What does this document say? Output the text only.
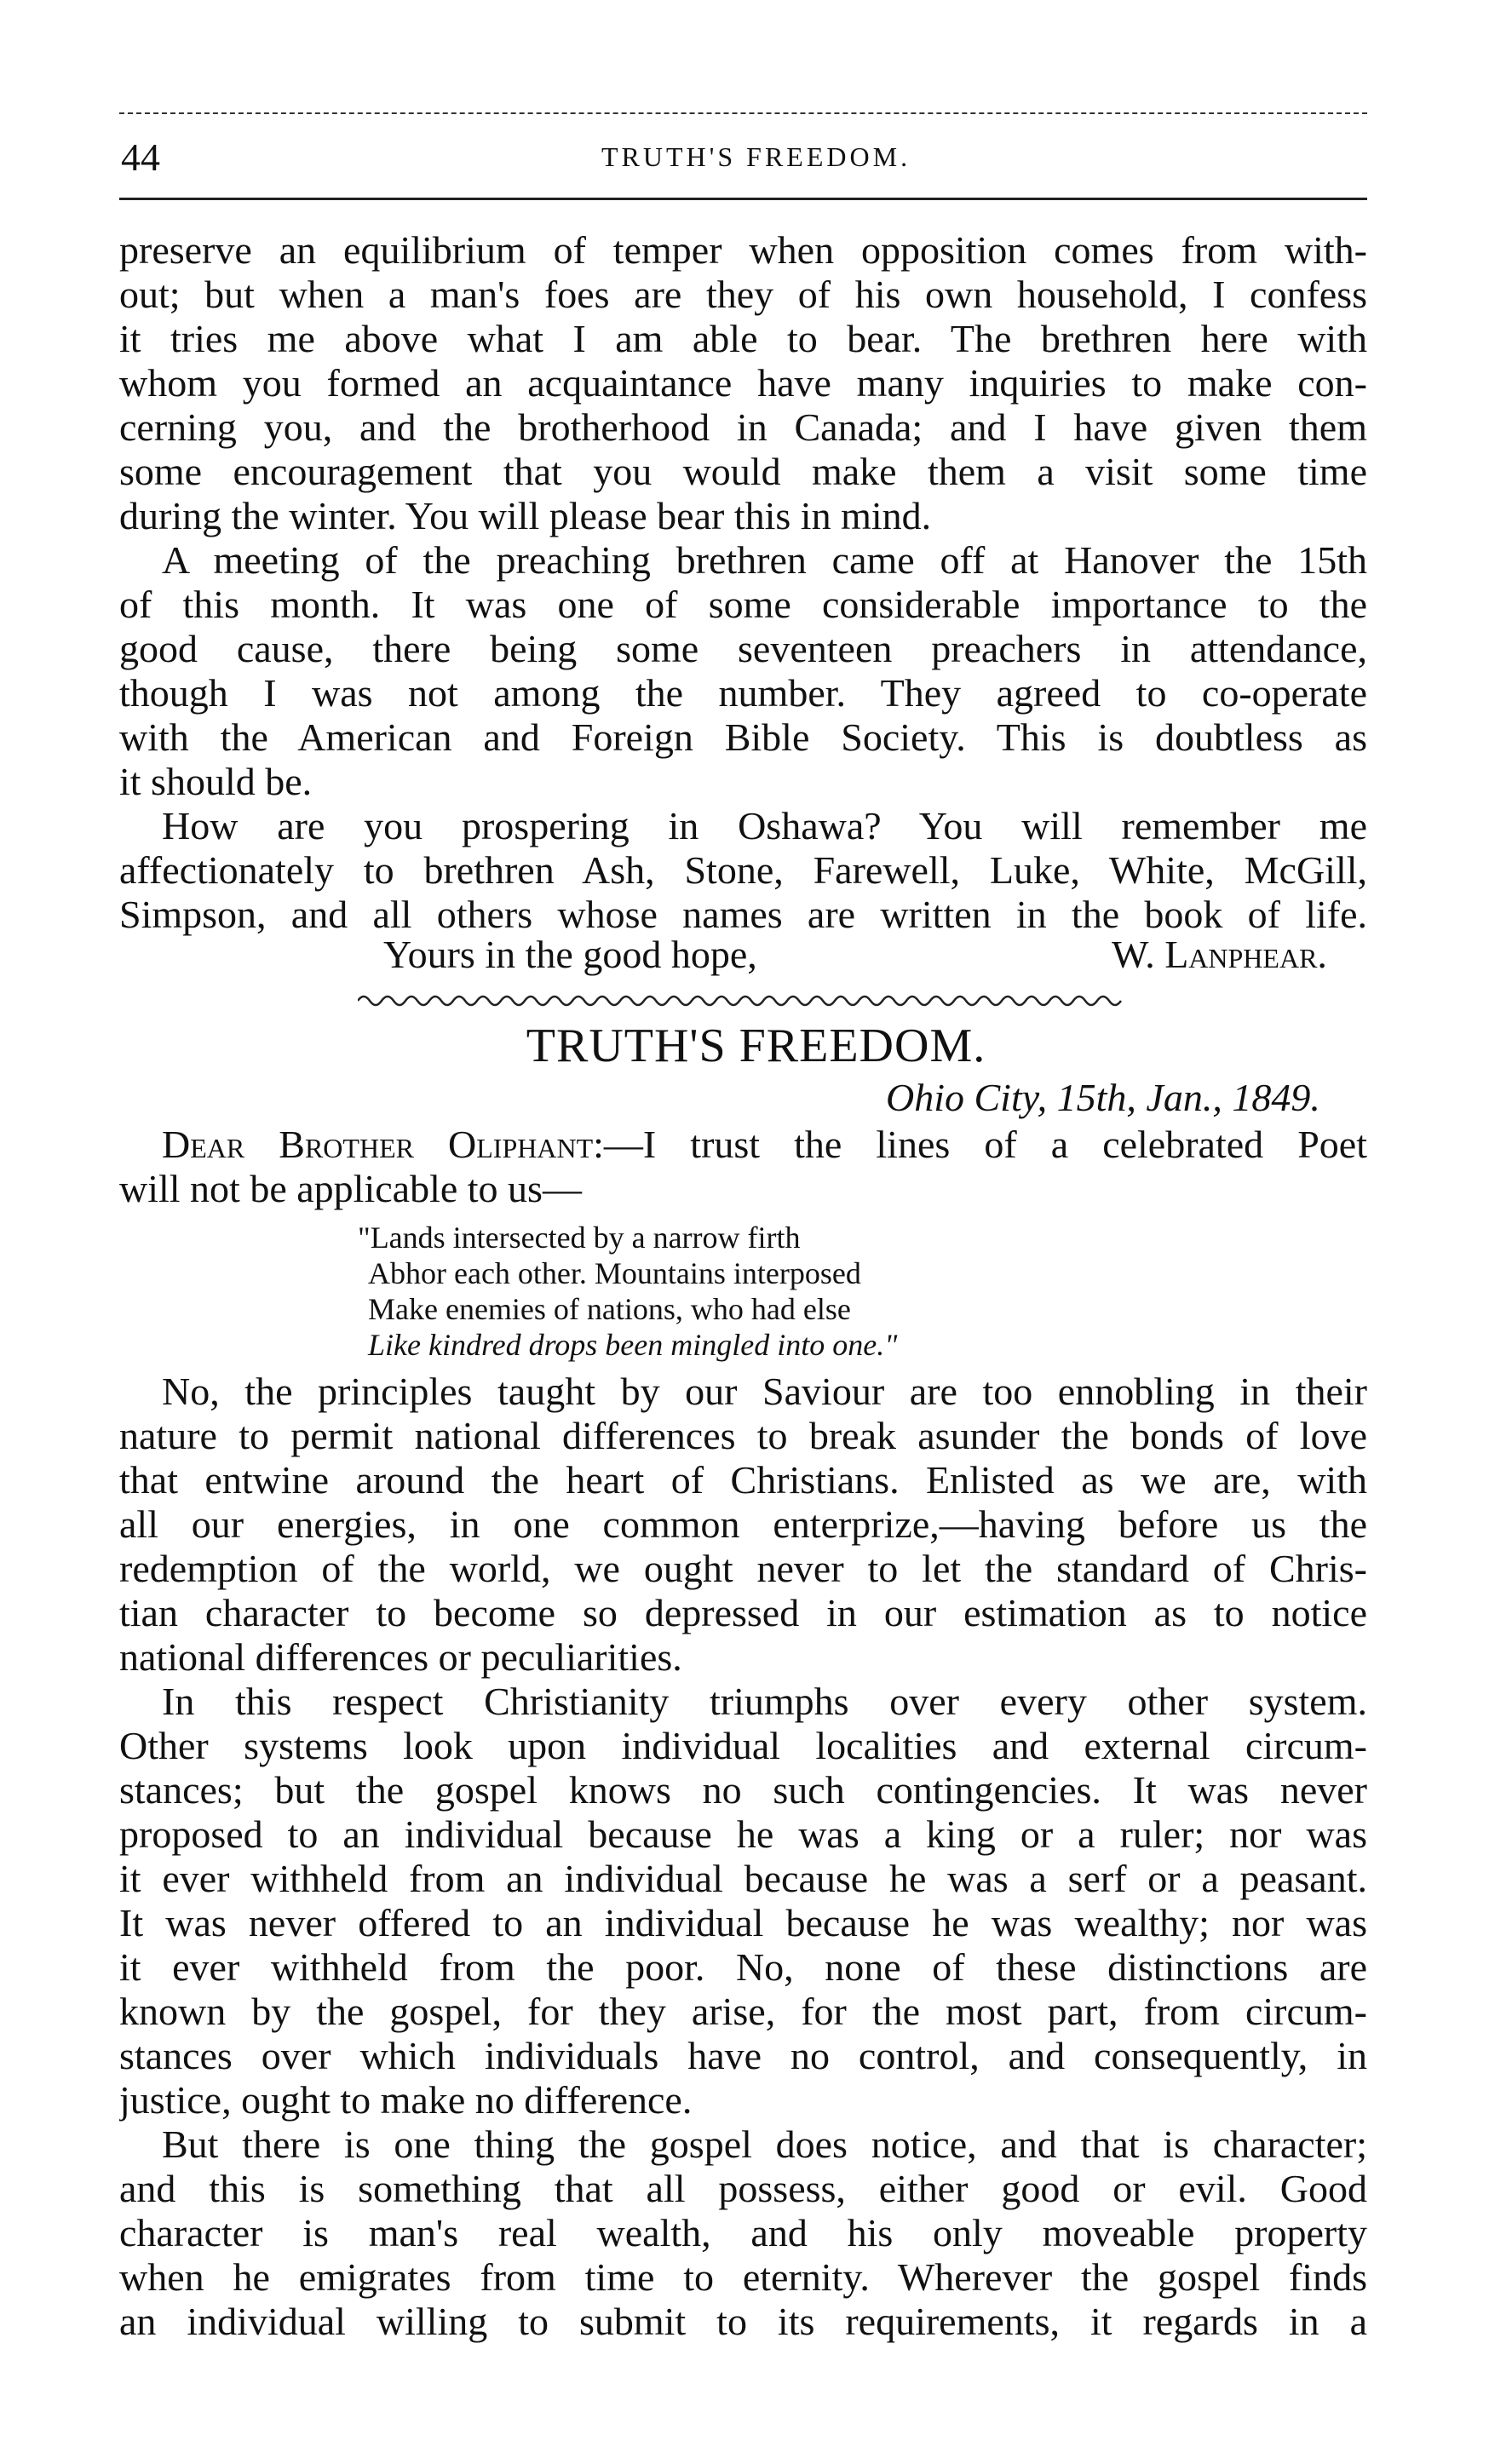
44	TRUTH'S FREEDOM.
preserve an equilibrium of temper when opposition comes from with-
out; but when a man's foes are they of his own household, I confess
it tries me above what I am able to bear. The brethren here with
whom you formed an acquaintance have many inquiries to make con-
cerning you, and the brotherhood in Canada; and I have given them
some encouragement that you would make them a visit some time
during the winter. You will please bear this in mind.
A meeting of the preaching brethren came off at Hanover the 15th
of this month. It was one of some considerable importance to the
good cause, there being some seventeen preachers in attendance,
though I was not among the number. They agreed to co-operate
with the American and Foreign Bible Society. This is doubtless as
it should be.
How are you prospering in Oshawa? You will remember me
affectionately to brethren Ash, Stone, Farewell, Luke, White, McGill,
Simpson, and all others whose names are written in the book of life.
Yours in the good hope,	W. Lanphear.
TRUTH'S FREEDOM.
Ohio City, 15th, Jan., 1849.
Dear Brother Oliphant:—I trust the lines of a celebrated Poet
will not be applicable to us—
"Lands intersected by a narrow firth
Abhor each other. Mountains interposed
Make enemies of nations, who had else
Like kindred drops been mingled into one."
No, the principles taught by our Saviour are too ennobling in their
nature to permit national differences to break asunder the bonds of love
that entwine around the heart of Christians. Enlisted as we are, with
all our energies, in one common enterprize,—having before us the
redemption of the world, we ought never to let the standard of Chris-
tian character to become so depressed in our estimation as to notice
national differences or peculiarities.
In this respect Christianity triumphs over every other system.
Other systems look upon individual localities and external circum-
stances; but the gospel knows no such contingencies. It was never
proposed to an individual because he was a king or a ruler; nor was
it ever withheld from an individual because he was a serf or a peasant.
It was never offered to an individual because he was wealthy; nor was
it ever withheld from the poor. No, none of these distinctions are
known by the gospel, for they arise, for the most part, from circum-
stances over which individuals have no control, and consequently, in
justice, ought to make no difference.
But there is one thing the gospel does notice, and that is character;
and this is something that all possess, either good or evil. Good
character is man's real wealth, and his only moveable property
when he emigrates from time to eternity. Wherever the gospel finds
an individual willing to submit to its requirements, it regards in a
